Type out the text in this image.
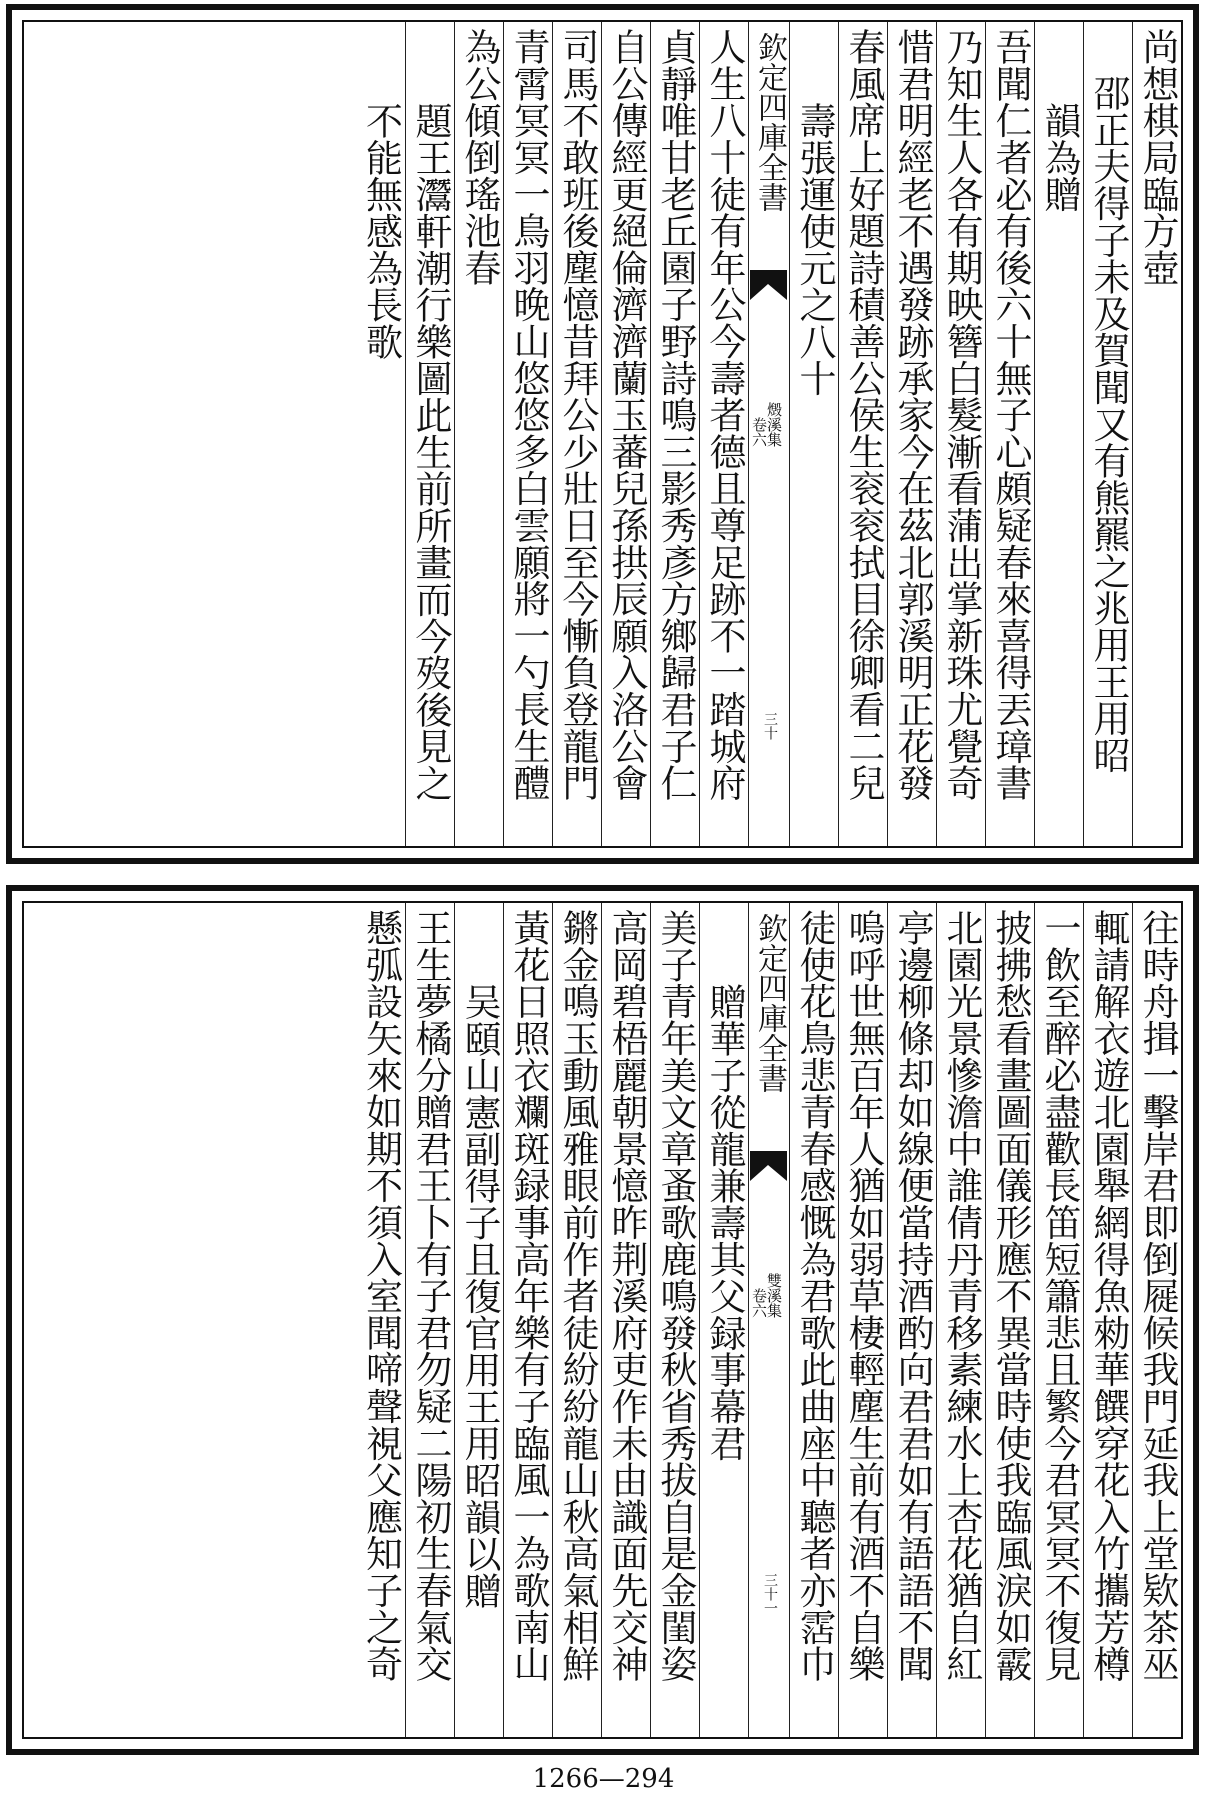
尚想棋局臨方壺
邵正夫得子未及賀聞又有熊羆之兆用王用昭
韻為贈
吾聞仁者必有後六十無子心頗疑春來喜得丟璋書
乃知生人各有期映簪白髮漸看蒲出掌新珠尤覺奇
惜君明經老不遇發跡承家今在茲北郭溪明正花發
春風席上好題詩積善公侯生衮衮拭目徐卿看二兒
壽張運使元之八十
欽定四庫全書
燬溪集
卷六
三十
人生八十徒有年公今壽者德且尊足跡不一踏城府
貞靜唯甘老丘園子野詩鳴三影秀彥方鄉歸君子仁
自公傳經更絕倫濟濟蘭玉蕃兒孫拱辰願入洛公會
司馬不敢班後塵憶昔拜公少壯日至今慚負登龍門
青霄冥冥一鳥羽晚山悠悠多白雲願將一勺長生醴
為公傾倒瑤池春
題王灊軒潮行樂圖此生前所畫而今歿後見之
不能無感為長歌
往時舟揖一擊岸君即倒屣候我門延我上堂欵茶巫
輒請解衣遊北園舉網得魚勑華饌穿花入竹攜芳樽
一飲至醉必盡歡長笛短簫悲且繁今君冥冥不復見
披拂愁看畫圖面儀形應不異當時使我臨風淚如霰
北園光景慘澹中誰倩丹青移素練水上杏花猶自紅
亭邊柳條却如線便當持酒酌向君君如有語語不聞
嗚呼世無百年人猶如弱草棲輕塵生前有酒不自樂
徒使花鳥悲青春感慨為君歌此曲座中聽者亦霑巾
欽定四庫全書
雙溪集
卷六
三十一
贈華子從龍兼壽其父録事幕君
美子青年美文章蚤歌鹿鳴發秋省秀拔自是金閨姿
高岡碧梧麗朝景憶昨荆溪府吏作未由識面先交神
鏘金鳴玉動風雅眼前作者徒紛紛龍山秋高氣相鮮
黃花日照衣斕斑録事高年樂有子臨風一為歌南山
吴頤山憲副得子且復官用王用昭韻以贈
王生夢橘分贈君王卜有子君勿疑二陽初生春氣交
懸弧設矢來如期不須入室聞啼聲視父應知子之奇
1266—294
